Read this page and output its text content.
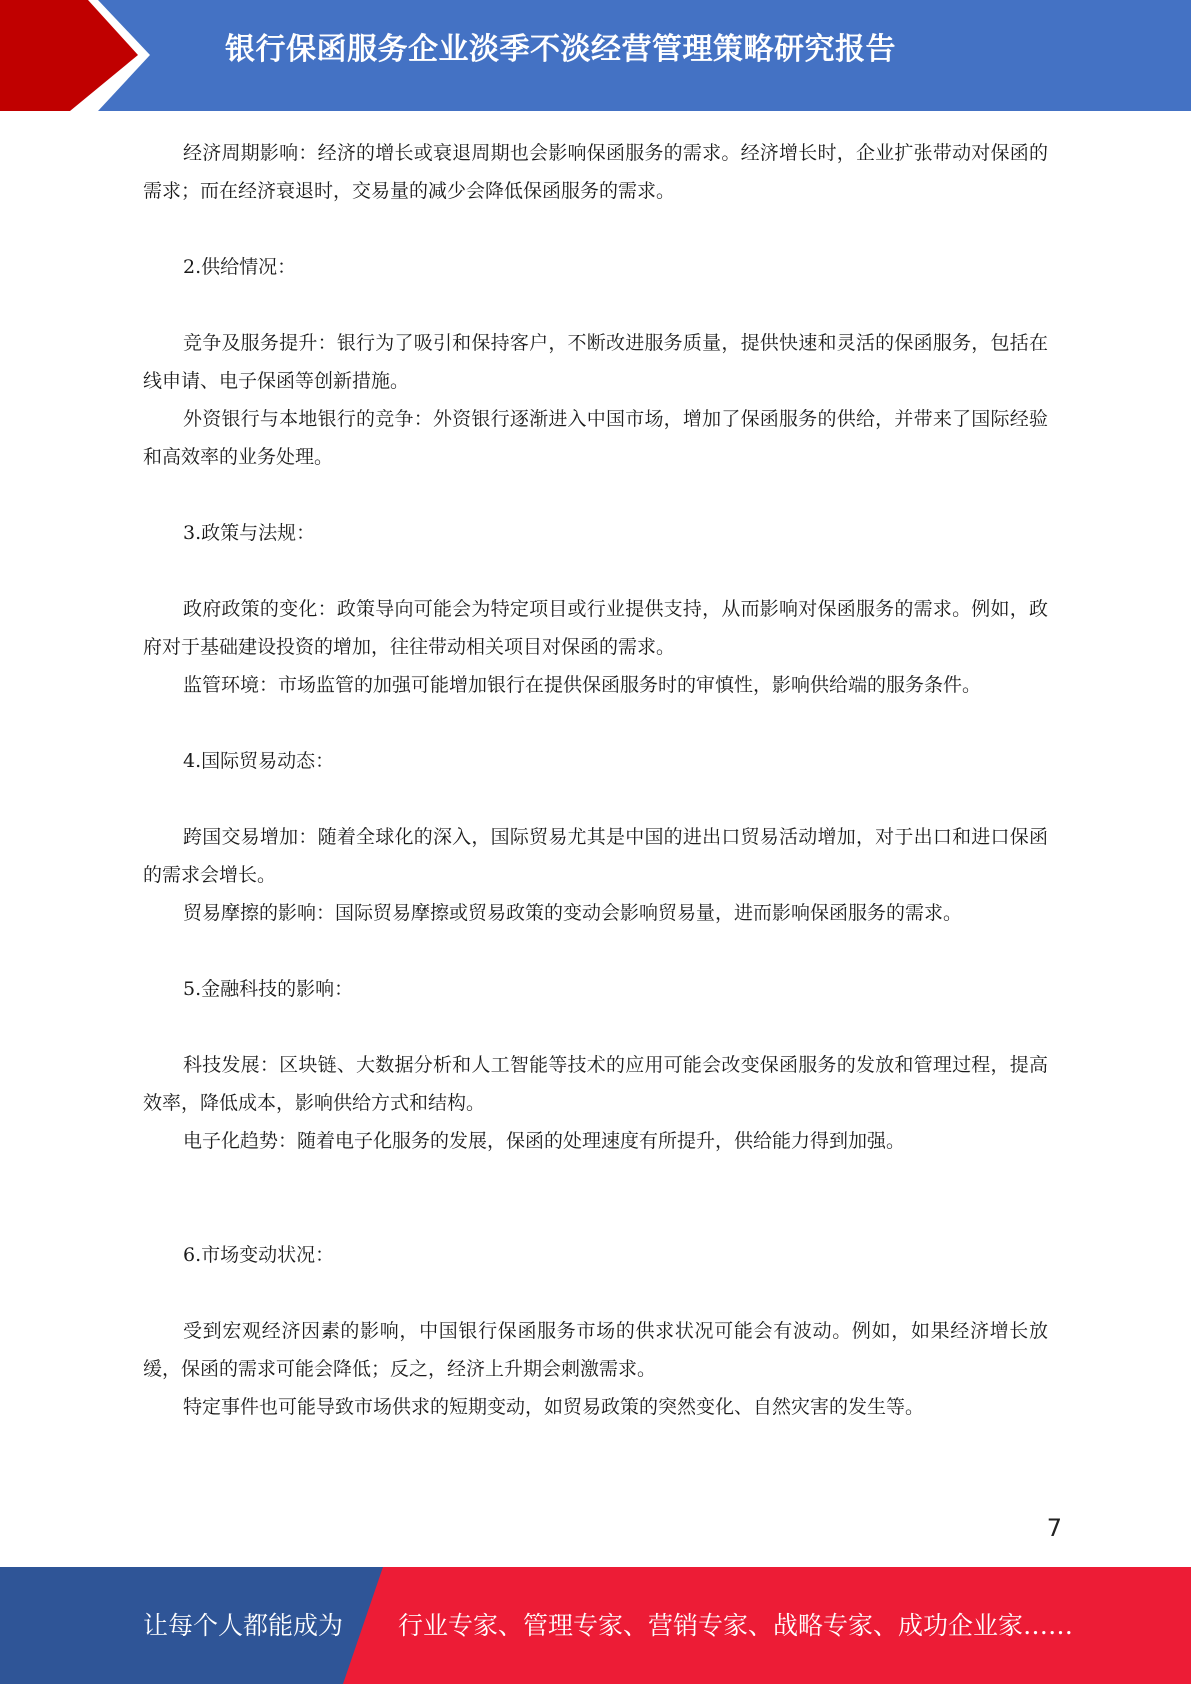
银行保函服务企业淡季不淡经营管理策略研究报告

经济周期影响：经济的增长或衰退周期也会影响保函服务的需求。经济增长时，企业扩张带动对保函的需求；而在经济衰退时，交易量的减少会降低保函服务的需求。

2.供给情况：

竞争及服务提升：银行为了吸引和保持客户，不断改进服务质量，提供快速和灵活的保函服务，包括在线申请、电子保函等创新措施。

外资银行与本地银行的竞争：外资银行逐渐进入中国市场，增加了保函服务的供给，并带来了国际经验和高效率的业务处理。

3.政策与法规：

政府政策的变化：政策导向可能会为特定项目或行业提供支持，从而影响对保函服务的需求。例如，政府对于基础建设投资的增加，往往带动相关项目对保函的需求。

监管环境：市场监管的加强可能增加银行在提供保函服务时的审慎性，影响供给端的服务条件。

4.国际贸易动态：

跨国交易增加：随着全球化的深入，国际贸易尤其是中国的进出口贸易活动增加，对于出口和进口保函的需求会增长。

贸易摩擦的影响：国际贸易摩擦或贸易政策的变动会影响贸易量，进而影响保函服务的需求。

5.金融科技的影响：

科技发展：区块链、大数据分析和人工智能等技术的应用可能会改变保函服务的发放和管理过程，提高效率，降低成本，影响供给方式和结构。

电子化趋势：随着电子化服务的发展，保函的处理速度有所提升，供给能力得到加强。

6.市场变动状况：

受到宏观经济因素的影响，中国银行保函服务市场的供求状况可能会有波动。例如，如果经济增长放缓，保函的需求可能会降低；反之，经济上升期会刺激需求。

特定事件也可能导致市场供求的短期变动，如贸易政策的突然变化、自然灾害的发生等。

7
让每个人都能成为 行业专家、管理专家、营销专家、战略专家、成功企业家……
